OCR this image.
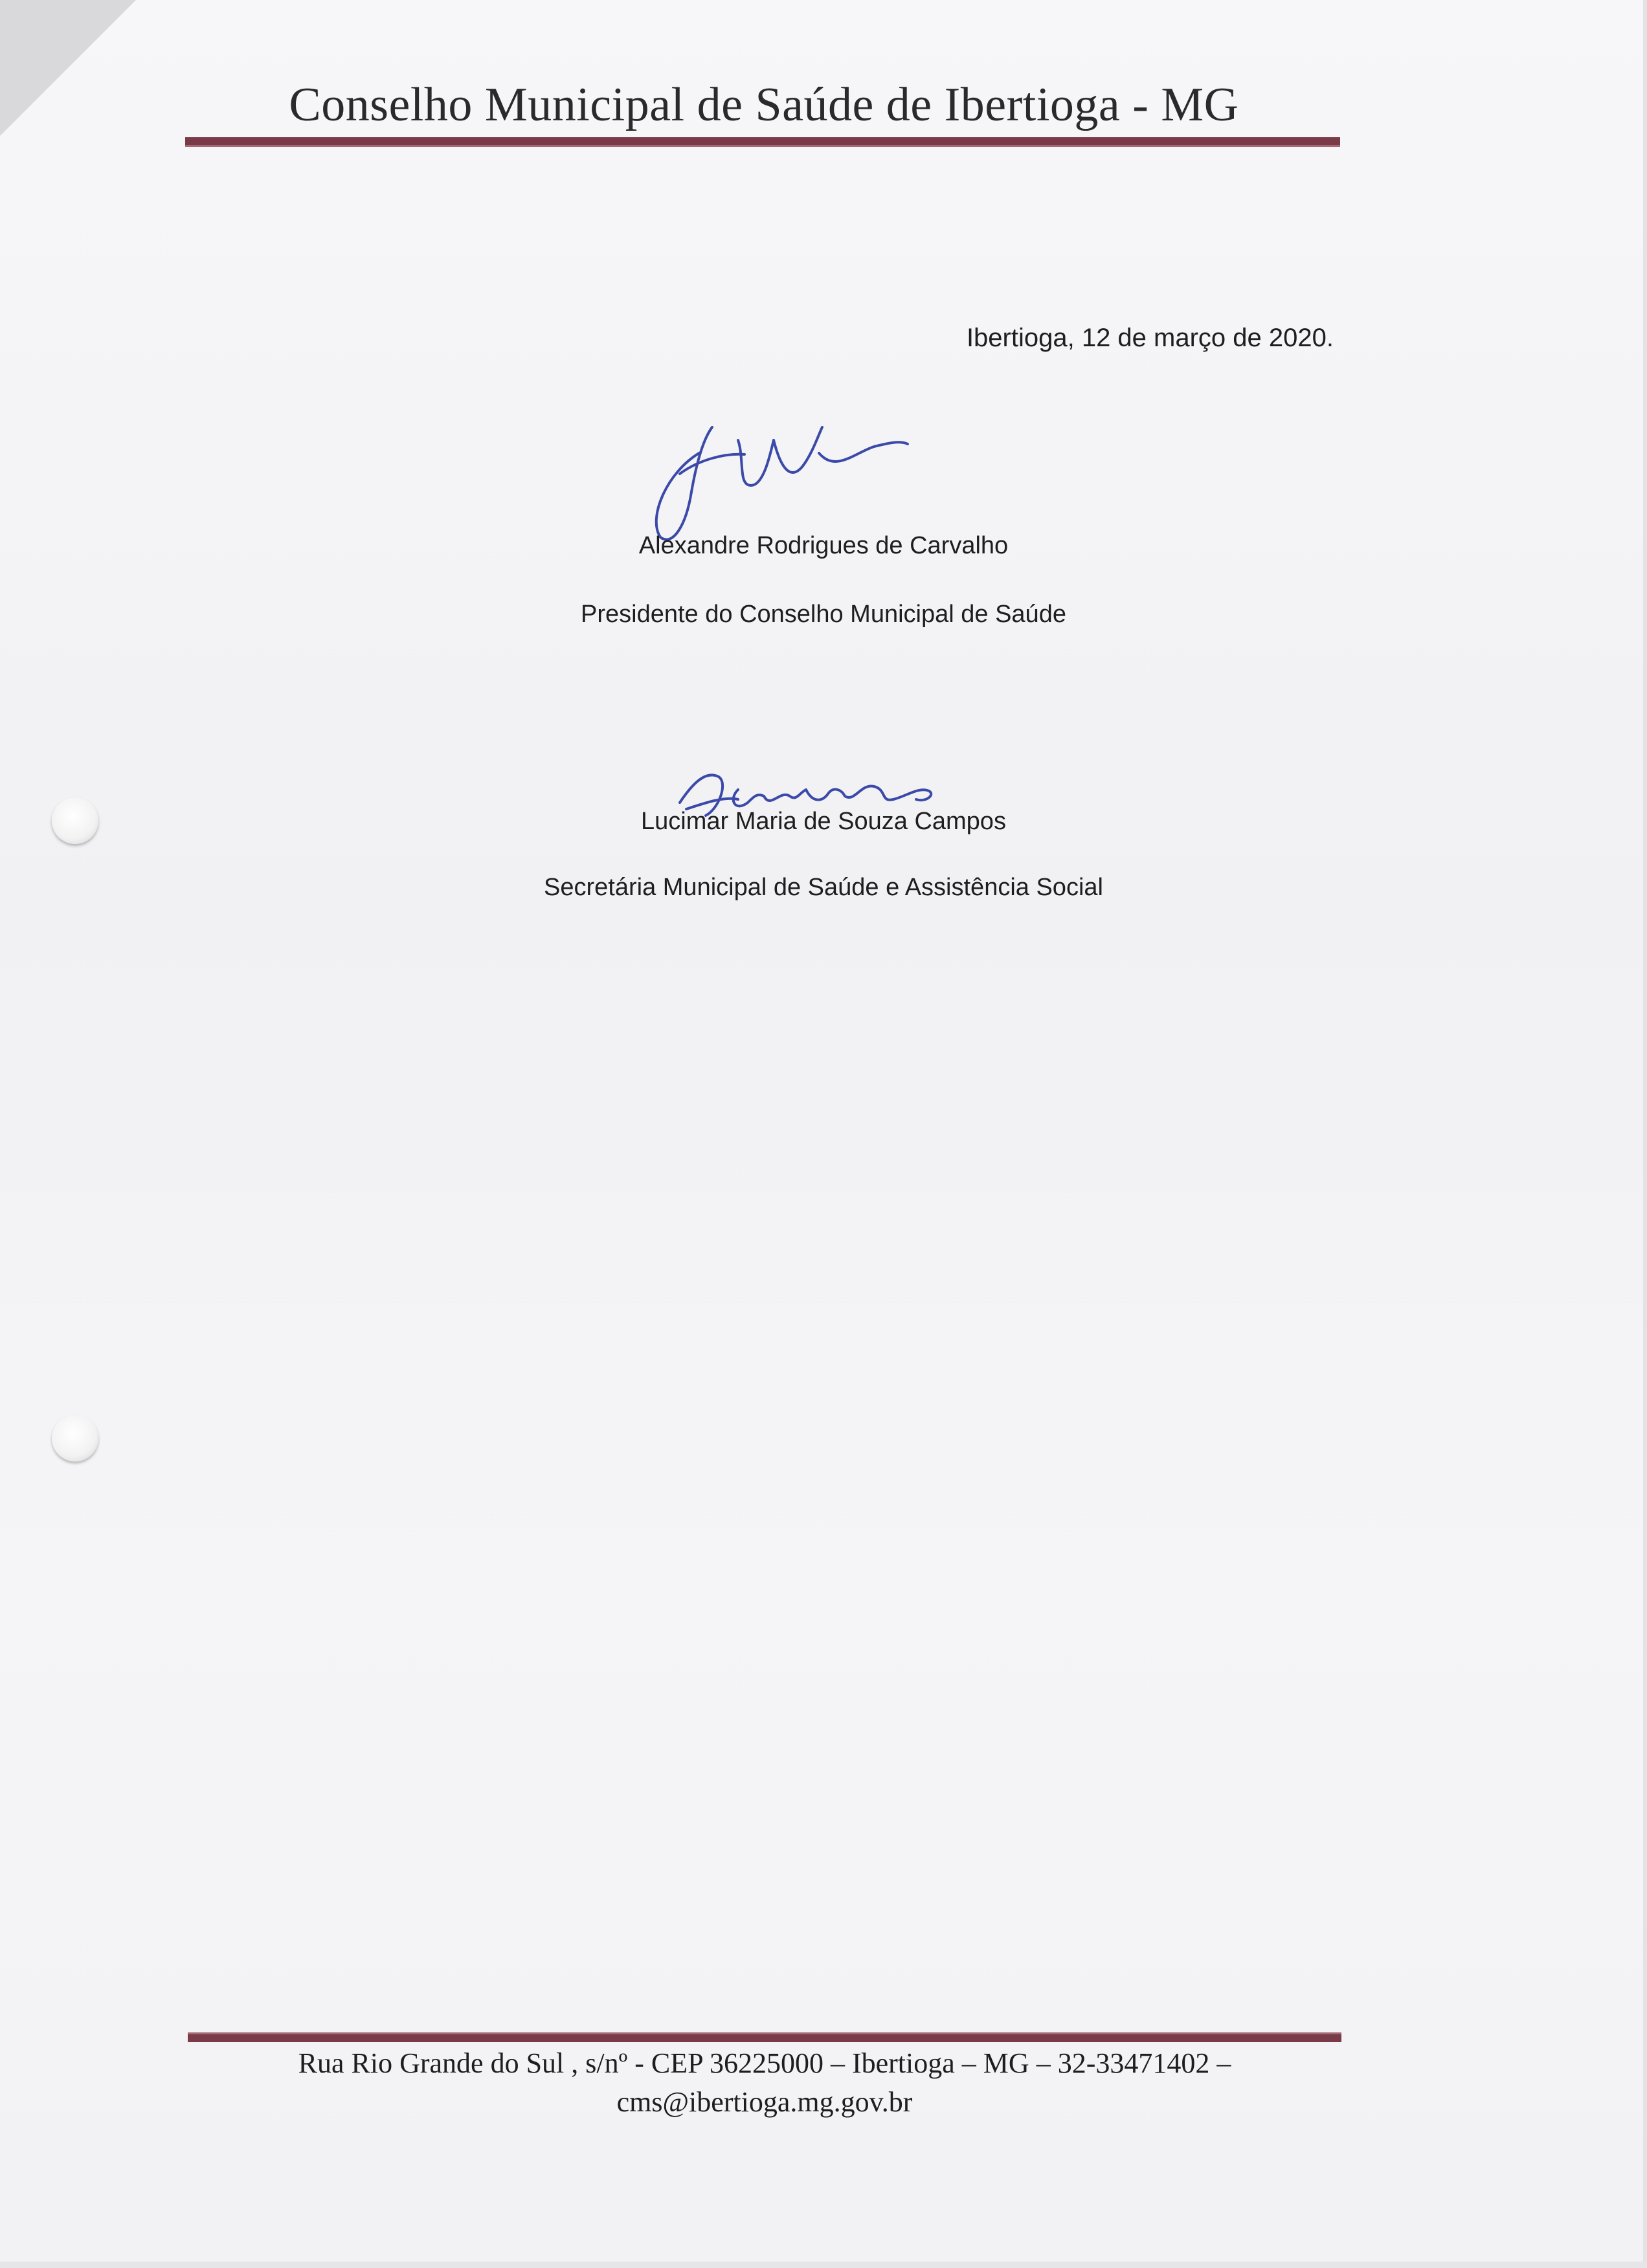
Conselho Municipal de Saúde de Ibertioga - MG
Ibertioga, 12 de março de 2020.
Alexandre Rodrigues de Carvalho
Presidente do Conselho Municipal de Saúde
Lucimar Maria de Souza Campos
Secretária Municipal de Saúde e Assistência Social
Rua Rio Grande do Sul , s/nº - CEP 36225000 – Ibertioga – MG – 32-33471402 –
cms@ibertioga.mg.gov.br
